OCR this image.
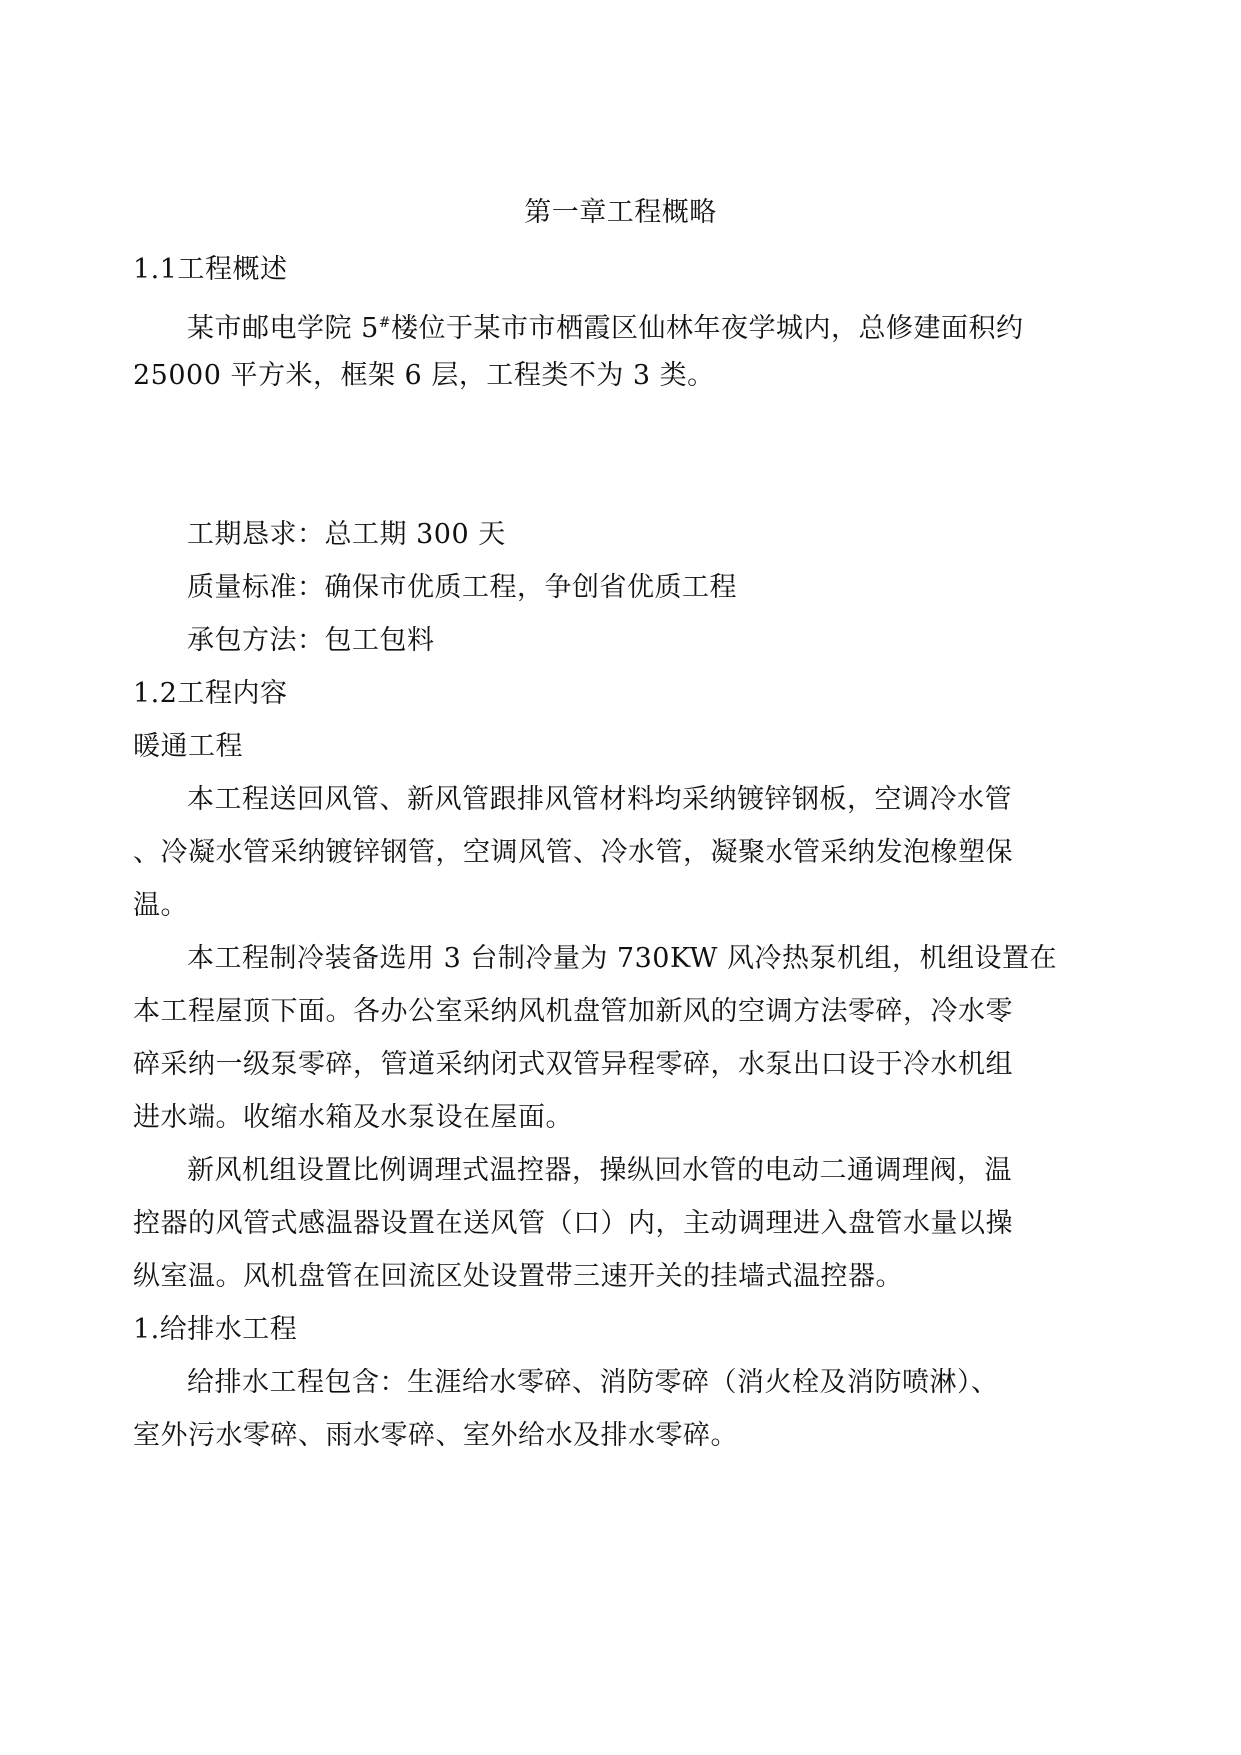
第一章工程概略
1.1工程概述
某市邮电学院 5#楼位于某市市栖霞区仙林年夜学城内，总修建面积约
25000 平方米，框架 6 层，工程类不为 3 类。
工期恳求：总工期 300 天
质量标准：确保市优质工程，争创省优质工程
承包方法：包工包料
1.2工程内容
暖通工程
本工程送回风管、新风管跟排风管材料均采纳镀锌钢板，空调冷水管
、冷凝水管采纳镀锌钢管，空调风管、冷水管，凝聚水管采纳发泡橡塑保
温。
本工程制冷装备选用 3 台制冷量为 730KW 风冷热泵机组，机组设置在
本工程屋顶下面。各办公室采纳风机盘管加新风的空调方法零碎，冷水零
碎采纳一级泵零碎，管道采纳闭式双管异程零碎，水泵出口设于冷水机组
进水端。收缩水箱及水泵设在屋面。
新风机组设置比例调理式温控器，操纵回水管的电动二通调理阀，温
控器的风管式感温器设置在送风管（口）内，主动调理进入盘管水量以操
纵室温。风机盘管在回流区处设置带三速开关的挂墙式温控器。
1.给排水工程
给排水工程包含：生涯给水零碎、消防零碎（消火栓及消防喷淋）、
室外污水零碎、雨水零碎、室外给水及排水零碎。
